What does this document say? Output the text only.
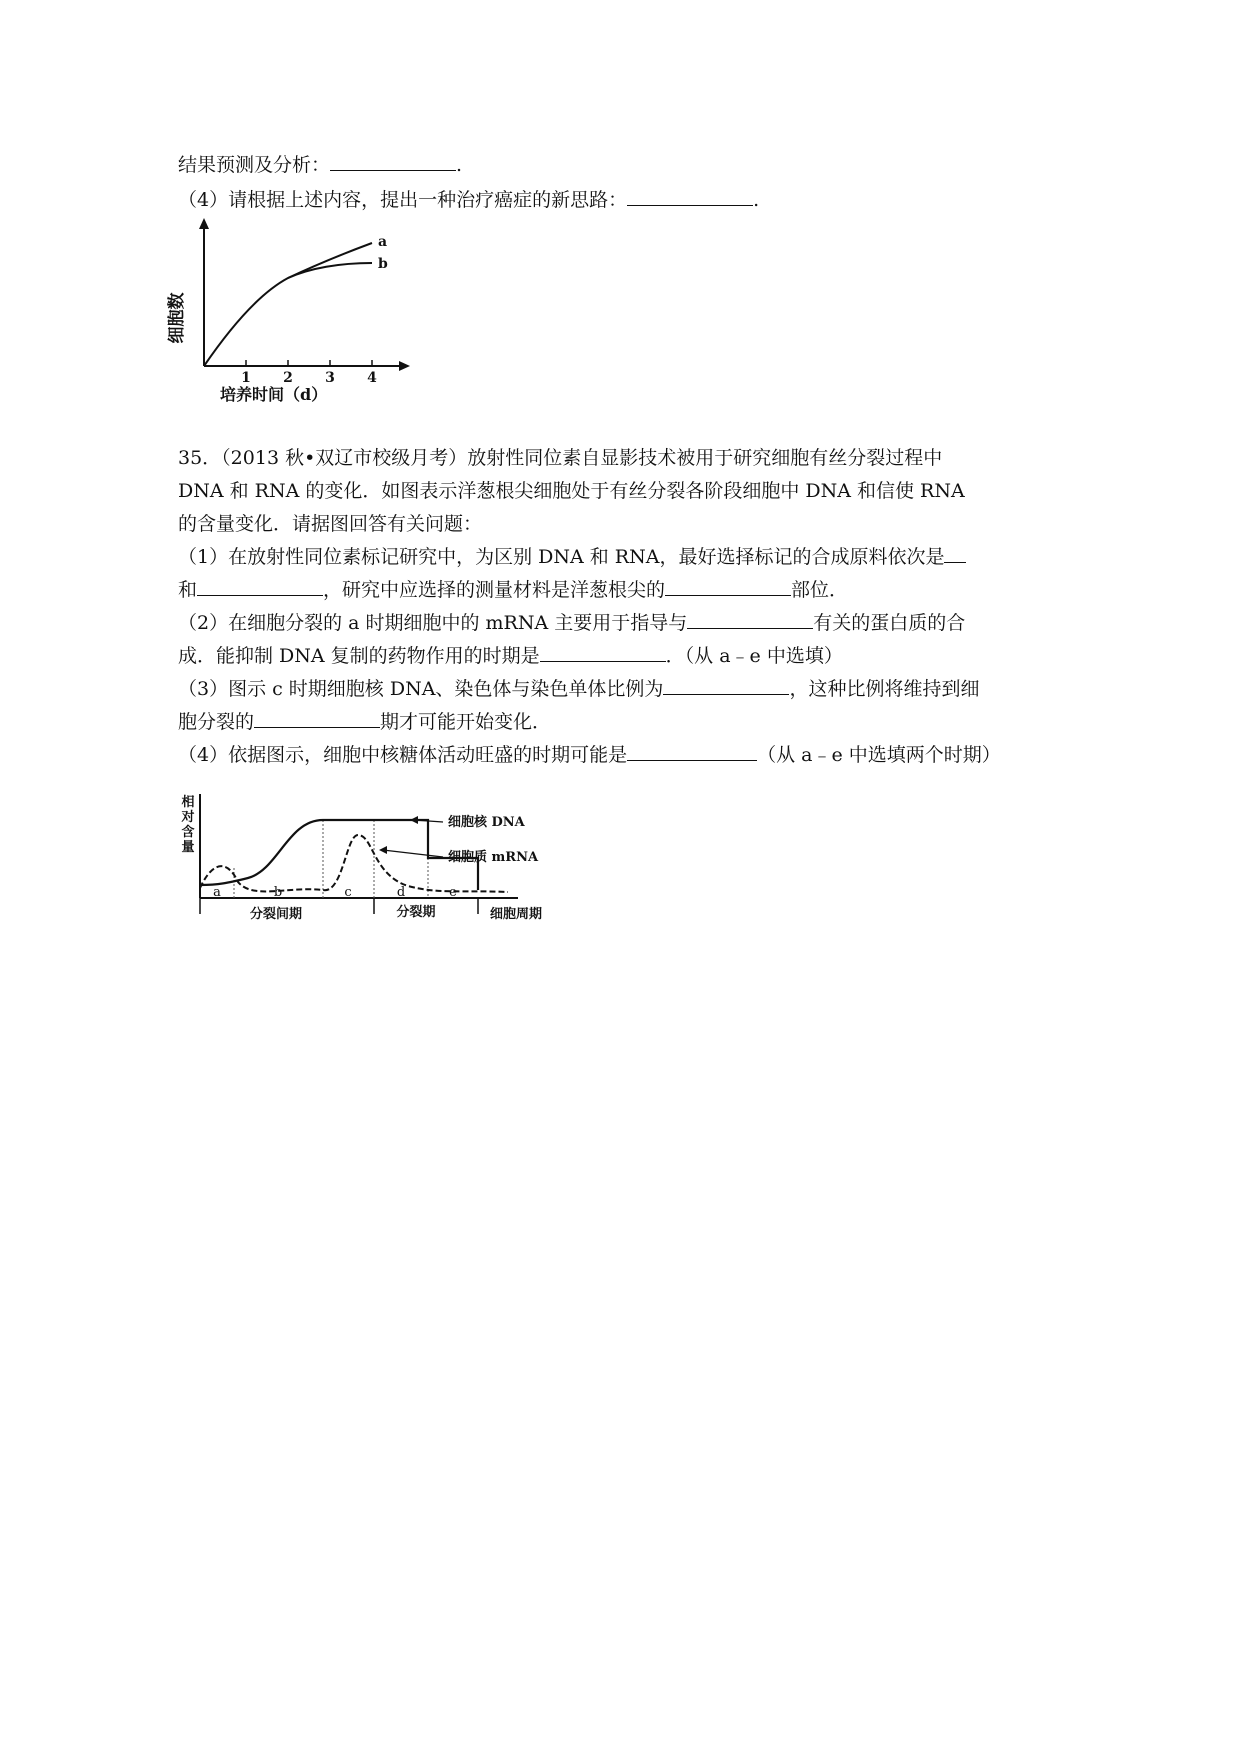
结果预测及分析：	.
（4）请根据上述内容，提出一种治疗癌症的新思路：	.
1 2 3 4
a
b
细胞数
培养时间（d）
35．（2013 秋•双辽市校级月考）放射性同位素自显影技术被用于研究细胞有丝分裂过程中
DNA 和 RNA 的变化．如图表示洋葱根尖细胞处于有丝分裂各阶段细胞中 DNA 和信使 RNA
的含量变化．请据图回答有关问题：
（1）在放射性同位素标记研究中，为区别 DNA 和 RNA，最好选择标记的合成原料依次是
和	，研究中应选择的测量材料是洋葱根尖的	部位．
（2）在细胞分裂的 a 时期细胞中的 mRNA 主要用于指导与	有关的蛋白质的合
成．能抑制 DNA 复制的药物作用的时期是	．（从 a﹣e 中选填）
（3）图示 c 时期细胞核 DNA、染色体与染色单体比例为	，这种比例将维持到细
胞分裂的	期才可能开始变化．
（4）依据图示，细胞中核糖体活动旺盛的时期可能是	（从 a﹣e 中选填两个时期）
相
对
含
量
细胞核 DNA
细胞质 mRNA
a	b	c	d	e
分裂间期	分裂期	细胞周期
